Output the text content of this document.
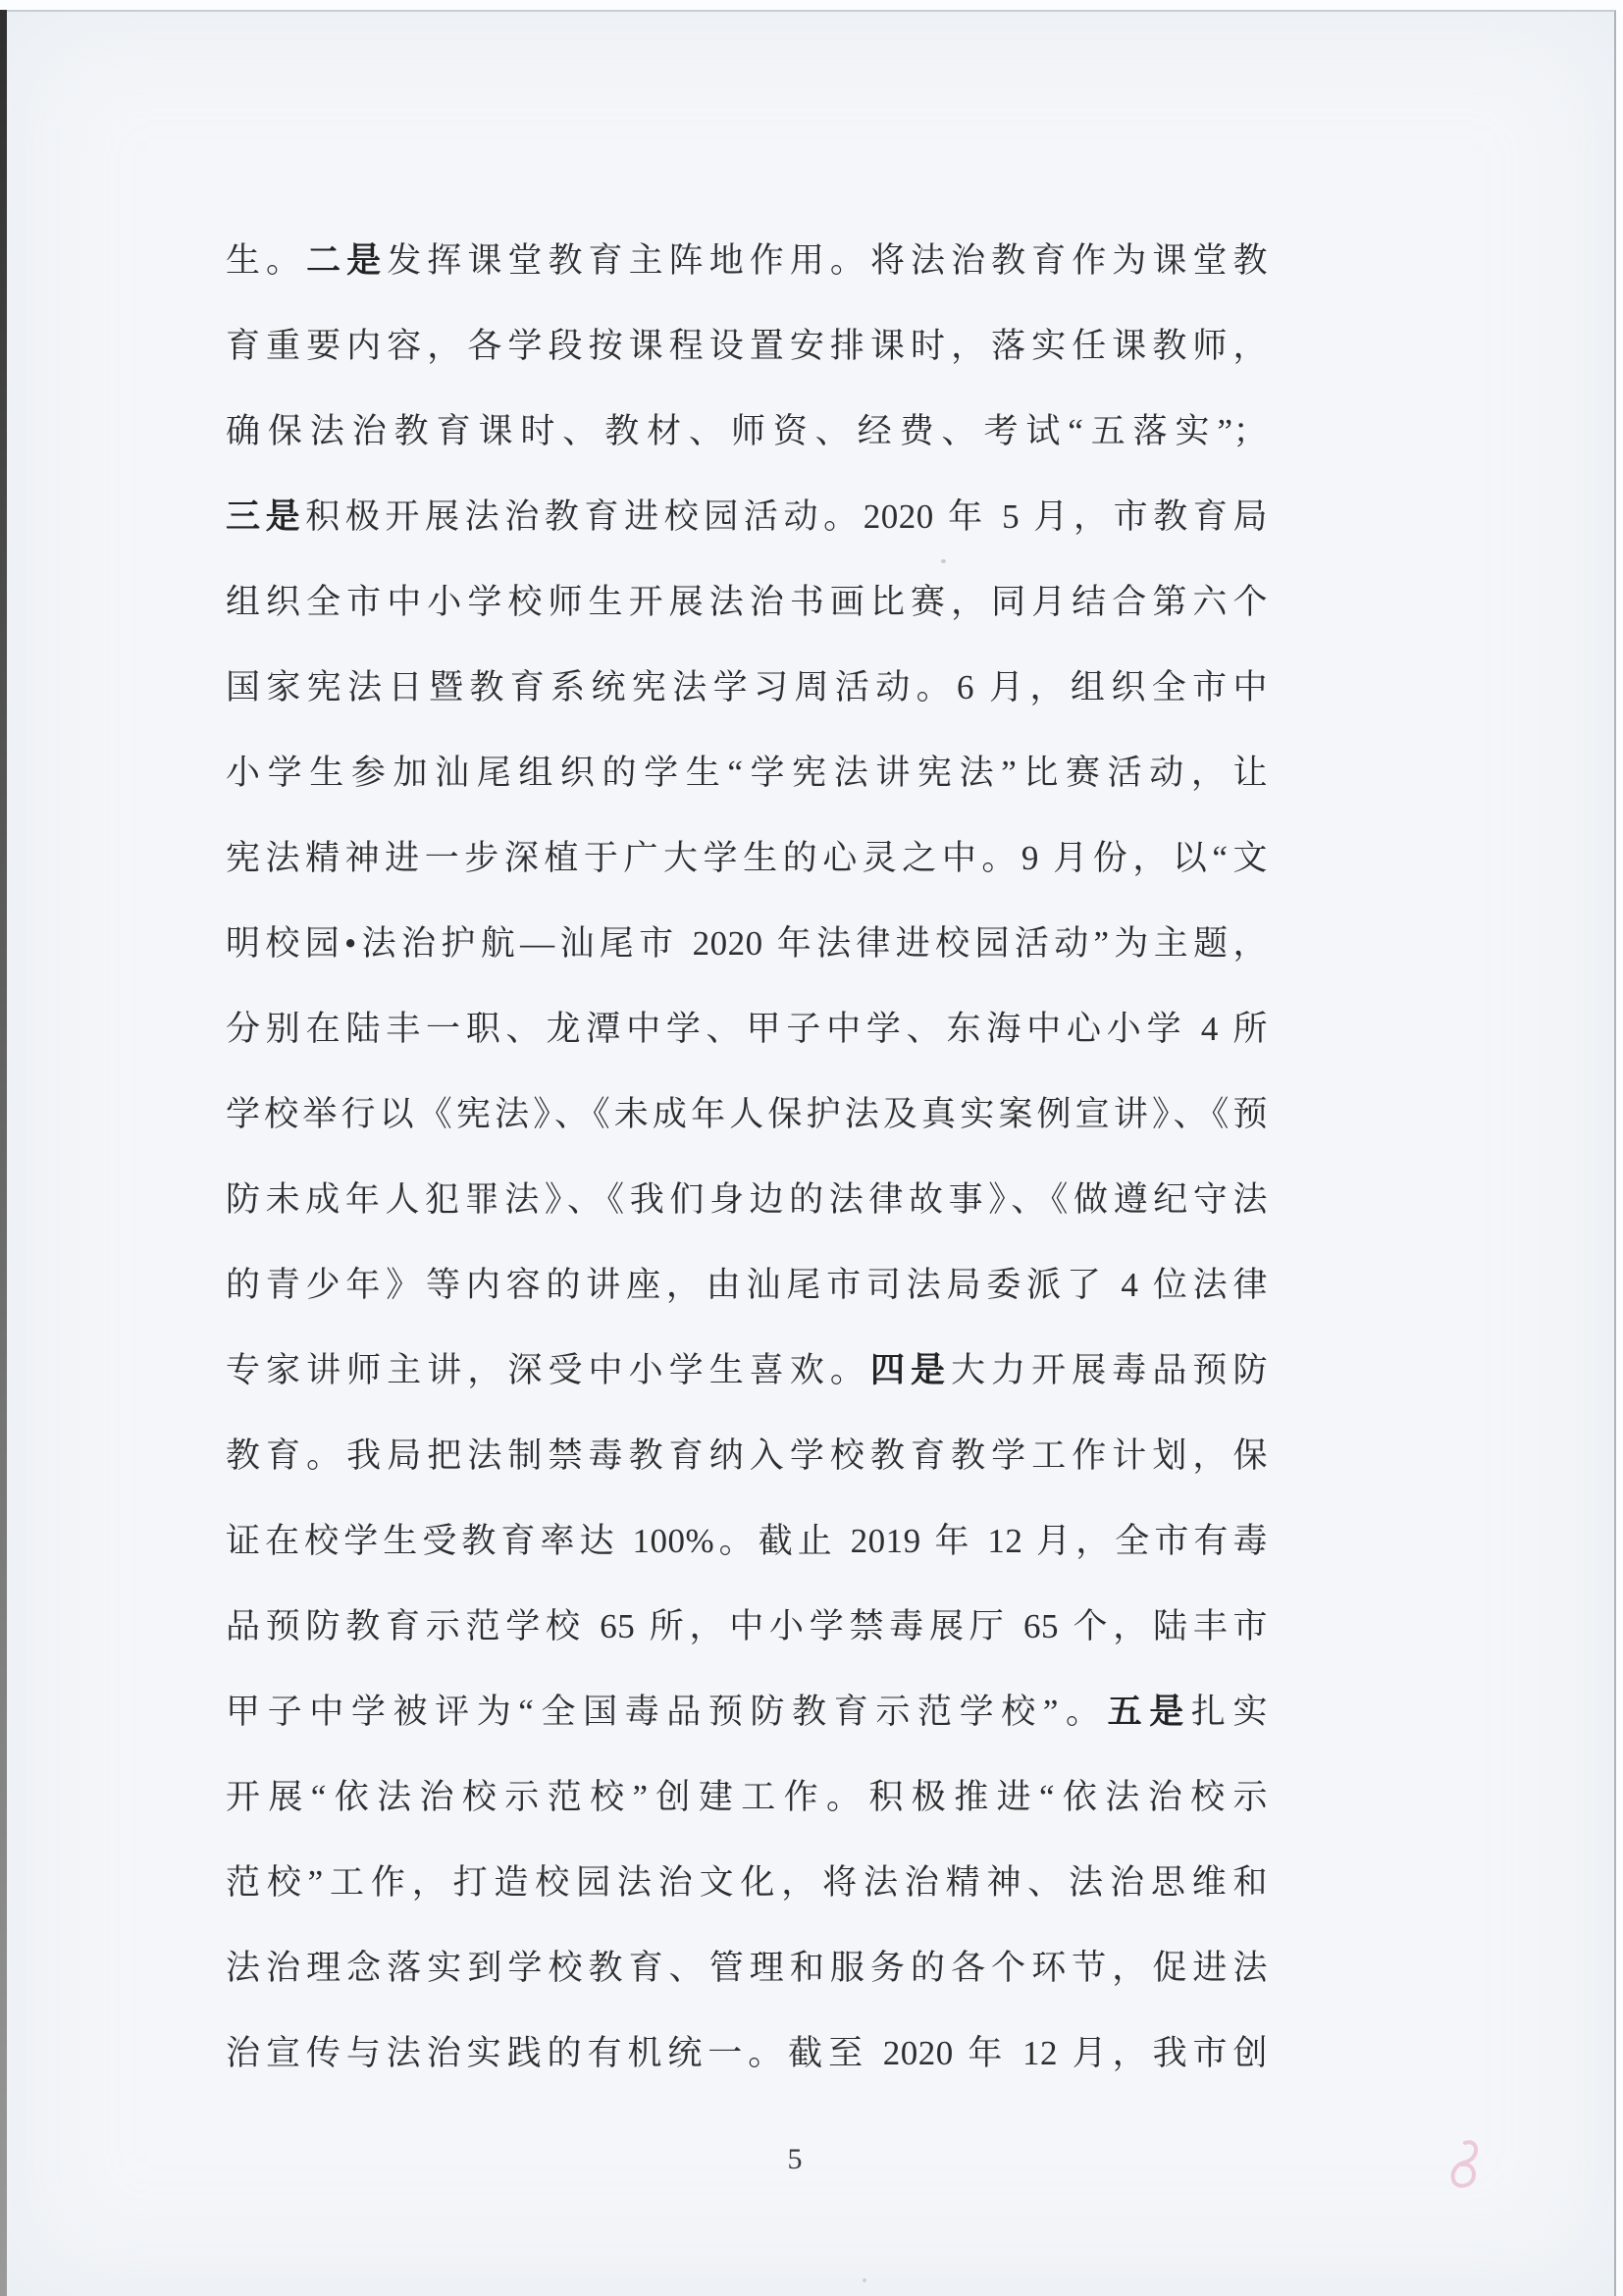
生。二是发挥课堂教育主阵地作用。将法治教育作为课堂教
育重要内容，各学段按课程设置安排课时，落实任课教师，
确保法治教育课时、教材、师资、经费、考试“五落实”；
三是积极开展法治教育进校园活动。2020 年 5 月，市教育局
组织全市中小学校师生开展法治书画比赛，同月结合第六个
国家宪法日暨教育系统宪法学习周活动。6 月，组织全市中
小学生参加汕尾组织的学生“学宪法讲宪法”比赛活动，让
宪法精神进一步深植于广大学生的心灵之中。9 月份，以“文
明校园•法治护航—汕尾市 2020 年法律进校园活动”为主题，
分别在陆丰一职、龙潭中学、甲子中学、东海中心小学 4 所
学校举行以《宪法》、《未成年人保护法及真实案例宣讲》、《预
防未成年人犯罪法》、《我们身边的法律故事》、《做遵纪守法
的青少年》等内容的讲座，由汕尾市司法局委派了 4 位法律
专家讲师主讲，深受中小学生喜欢。四是大力开展毒品预防
教育。我局把法制禁毒教育纳入学校教育教学工作计划，保
证在校学生受教育率达 100%。截止 2019 年 12 月，全市有毒
品预防教育示范学校 65 所，中小学禁毒展厅 65 个，陆丰市
甲子中学被评为“全国毒品预防教育示范学校”。五是扎实
开展“依法治校示范校”创建工作。积极推进“依法治校示
范校”工作，打造校园法治文化，将法治精神、法治思维和
法治理念落实到学校教育、管理和服务的各个环节，促进法
治宣传与法治实践的有机统一。截至 2020 年 12 月，我市创
5
